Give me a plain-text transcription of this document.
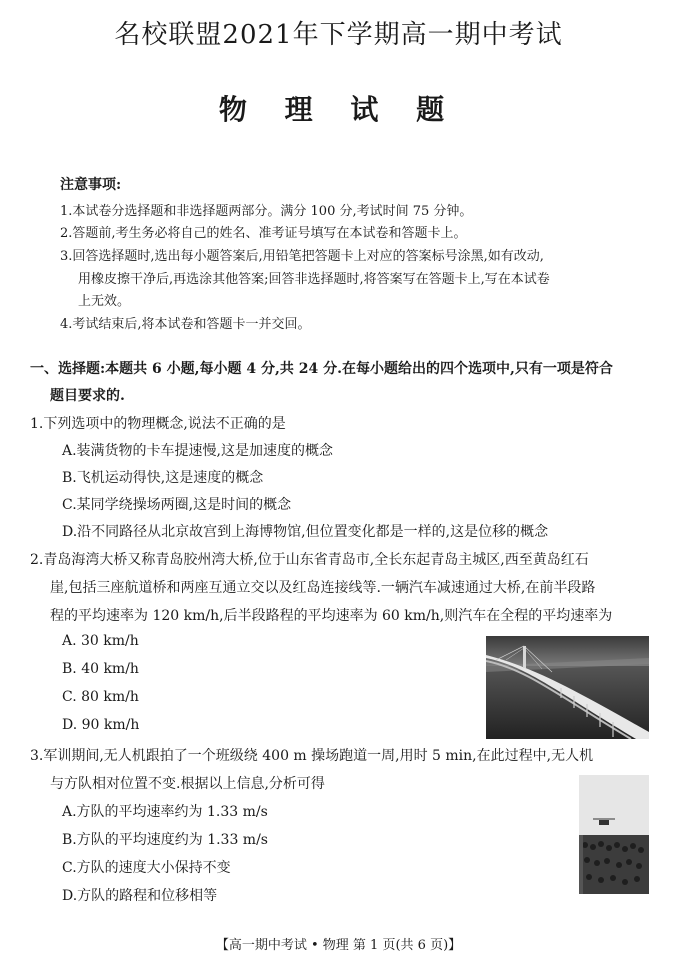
名校联盟2021年下学期高一期中考试
物 理 试 题
注意事项:
1.本试卷分选择题和非选择题两部分。满分 100 分,考试时间 75 分钟。
2.答题前,考生务必将自己的姓名、准考证号填写在本试卷和答题卡上。
3.回答选择题时,选出每小题答案后,用铅笔把答题卡上对应的答案标号涂黑,如有改动,
用橡皮擦干净后,再选涂其他答案;回答非选择题时,将答案写在答题卡上,写在本试卷
上无效。
4.考试结束后,将本试卷和答题卡一并交回。
一、选择题:本题共 6 小题,每小题 4 分,共 24 分.在每小题给出的四个选项中,只有一项是符合
题目要求的.
1.下列选项中的物理概念,说法不正确的是
A.装满货物的卡车提速慢,这是加速度的概念
B.飞机运动得快,这是速度的概念
C.某同学绕操场两圈,这是时间的概念
D.沿不同路径从北京故宫到上海博物馆,但位置变化都是一样的,这是位移的概念
2.青岛海湾大桥又称青岛胶州湾大桥,位于山东省青岛市,全长东起青岛主城区,西至黄岛红石
崖,包括三座航道桥和两座互通立交以及红岛连接线等.一辆汽车减速通过大桥,在前半段路
程的平均速率为 120 km/h,后半段路程的平均速率为 60 km/h,则汽车在全程的平均速率为
A. 30 km/h
B. 40 km/h
C. 80 km/h
D. 90 km/h
3.军训期间,无人机跟拍了一个班级绕 400 m 操场跑道一周,用时 5 min,在此过程中,无人机
与方队相对位置不变.根据以上信息,分析可得
A.方队的平均速率约为 1.33 m/s
B.方队的平均速度约为 1.33 m/s
C.方队的速度大小保持不变
D.方队的路程和位移相等
【高一期中考试 • 物理 第 1 页(共 6 页)】
